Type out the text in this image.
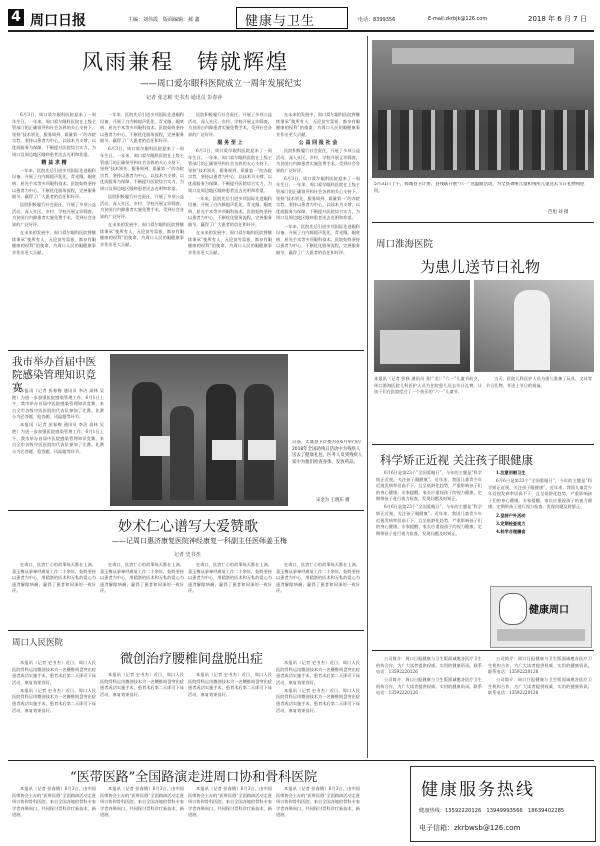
4 周口日报	主编：刘伟霞　版面编辑：郝 鑫	健康与卫生	电话：8399356	E-mail:zkrbjk@126.com	2018 年 6 月 7 日
风雨兼程　铸就辉煌
——周口爱尔眼科医院成立一周年发展纪实
记者 张志彬 史书杰 通讯员 彭春萍

6月3日，周口爱尔眼科医院迎来了一周年生日。一年来，周口爱尔眼科医院在上级主管部门的正确领导和社会各界的关心支持下，坚持“技术领先、服务周到、质量第一”的办院宗旨，坚持以患者为中心，以技术为支撑，以优质服务为保障，不断提升医院综合实力，为周口及周边地区眼病患者送去光明和希望。

精 益 求 精

一年来，医院先后引进多项国际先进眼科设备，开展了白内障超声乳化、青光眼、眼底病、屈光手术等多项眼科技术。医院始终坚持以患者为中心，不断优化服务流程，完善服务细节，赢得了广大患者的信任和好评。

医院积极履行社会责任，开展了多项公益活动，深入社区、乡村、学校开展义诊筛查，为贫困白内障患者实施免费手术，受到社会各界的广泛好评。

在未来的发展中，周口爱尔眼科医院将继续秉承“使所有人，无论贫穷富裕，都享有眼健康的权利”的使命，为周口人民的眼健康事业作出更大贡献。

一年来，医院先后引进多项国际先进眼科设备，开展了白内障超声乳化、青光眼、眼底病、屈光手术等多项眼科技术。医院始终坚持以患者为中心，不断优化服务流程，完善服务细节，赢得了广大患者的信任和好评。

6月3日，周口爱尔眼科医院迎来了一周年生日。一年来，周口爱尔眼科医院在上级主管部门的正确领导和社会各界的关心支持下，坚持“技术领先、服务周到、质量第一”的办院宗旨，坚持以患者为中心，以技术为支撑，以优质服务为保障，不断提升医院综合实力，为周口及周边地区眼病患者送去光明和希望。

医院积极履行社会责任，开展了多项公益活动，深入社区、乡村、学校开展义诊筛查，为贫困白内障患者实施免费手术，受到社会各界的广泛好评。

在未来的发展中，周口爱尔眼科医院将继续秉承“使所有人，无论贫穷富裕，都享有眼健康的权利”的使命，为周口人民的眼健康事业作出更大贡献。

医院积极履行社会责任，开展了多项公益活动，深入社区、乡村、学校开展义诊筛查，为贫困白内障患者实施免费手术，受到社会各界的广泛好评。

服 务 至 上

6月3日，周口爱尔眼科医院迎来了一周年生日。一年来，周口爱尔眼科医院在上级主管部门的正确领导和社会各界的关心支持下，坚持“技术领先、服务周到、质量第一”的办院宗旨，坚持以患者为中心，以技术为支撑，以优质服务为保障，不断提升医院综合实力，为周口及周边地区眼病患者送去光明和希望。

一年来，医院先后引进多项国际先进眼科设备，开展了白内障超声乳化、青光眼、眼底病、屈光手术等多项眼科技术。医院始终坚持以患者为中心，不断优化服务流程，完善服务细节，赢得了广大患者的信任和好评。

在未来的发展中，周口爱尔眼科医院将继续秉承“使所有人，无论贫穷富裕，都享有眼健康的权利”的使命，为周口人民的眼健康事业作出更大贡献。

在未来的发展中，周口爱尔眼科医院将继续秉承“使所有人，无论贫穷富裕，都享有眼健康的权利”的使命，为周口人民的眼健康事业作出更大贡献。

公 益 回 报 社 会

医院积极履行社会责任，开展了多项公益活动，深入社区、乡村、学校开展义诊筛查，为贫困白内障患者实施免费手术，受到社会各界的广泛好评。

6月3日，周口爱尔眼科医院迎来了一周年生日。一年来，周口爱尔眼科医院在上级主管部门的正确领导和社会各界的关心支持下，坚持“技术领先、服务周到、质量第一”的办院宗旨，坚持以患者为中心，以技术为支撑，以优质服务为保障，不断提升医院综合实力，为周口及周边地区眼病患者送去光明和希望。

一年来，医院先后引进多项国际先进眼科设备，开展了白内障超声乳化、青光眼、眼底病、屈光手术等多项眼科技术。医院始终坚持以患者为中心，不断优化服务流程，完善服务细节，赢得了广大患者的信任和好评。

5月31日上午，郸城县卫计委、县残联开展“六一”送温暖活动，为全县聋哑儿童和残疾儿童送去节日礼物和慰问。
芭旭 刘 摄
周口淮海医院
为患儿送节日礼物

本报讯（记者 彭秋 通讯员 张广龙）“六一”儿童节前夕，周口淮海医院儿科医护人员为住院患儿送去节日礼物，让孩子们在医院度过了一个快乐的“六一”儿童节。

当天，医院儿科医护人员为患儿准备了玩具、文具等节日礼物，并送上节日的祝福。

我市举办首届中医院感染管理知识竞赛

本报讯（记者 彭春梅 通讯员 李洁 高林 吴艳）为进一步加强医院感染管理工作，6月1日上午，我市举办首届中医院感染管理知识竞赛，来自全市各级中医医院的代表队参加了比赛。比赛分为必答题、抢答题、风险题等环节。

本报讯（记者 彭春梅 通讯员 李洁 高林 吴艳）为进一步加强医院感染管理工作，6月1日上午，我市举办首届中医院感染管理知识竞赛，来自全市各级中医医院的代表队参加了比赛。比赛分为必答题、抢答题、风险题等环节。

日前，太康县卫计委为在6月举行的2018年全国助残日活动中为残疾人送去了健康礼包，医务人员到残疾人家中为他们检查身体，发放药品。
宋金为 王晓东 摄
妙术仁心谱写大爱赞歌
——记周口惠济康复医院神经康复一科副主任医师姜玉梅
记者 史书杰

在周口，医者仁心的故事每天都在上演。姜玉梅从事神经康复工作二十余年，始终坚持以患者为中心，用精湛的医术和无私的爱心为患者解除病痛，赢得了患者和同事的一致好评。

在周口，医者仁心的故事每天都在上演。姜玉梅从事神经康复工作二十余年，始终坚持以患者为中心，用精湛的医术和无私的爱心为患者解除病痛，赢得了患者和同事的一致好评。

在周口，医者仁心的故事每天都在上演。姜玉梅从事神经康复工作二十余年，始终坚持以患者为中心，用精湛的医术和无私的爱心为患者解除病痛，赢得了患者和同事的一致好评。

在周口，医者仁心的故事每天都在上演。姜玉梅从事神经康复工作二十余年，始终坚持以患者为中心，用精湛的医术和无私的爱心为患者解除病痛，赢得了患者和同事的一致好评。

周口人民医院
微创治疗腰椎间盘脱出症

本报讯（记者 史书杰）近日，周口人民医院骨科运用微创技术为一名腰椎间盘突出症患者成功实施手术，患者术后第二天即可下床活动，康复效果良好。

本报讯（记者 史书杰）近日，周口人民医院骨科运用微创技术为一名腰椎间盘突出症患者成功实施手术，患者术后第二天即可下床活动，康复效果良好。

本报讯（记者 史书杰）近日，周口人民医院骨科运用微创技术为一名腰椎间盘突出症患者成功实施手术，患者术后第二天即可下床活动，康复效果良好。

本报讯（记者 史书杰）近日，周口人民医院骨科运用微创技术为一名腰椎间盘突出症患者成功实施手术，患者术后第二天即可下床活动，康复效果良好。

本报讯（记者 史书杰）近日，周口人民医院骨科运用微创技术为一名腰椎间盘突出症患者成功实施手术，患者术后第二天即可下床活动，康复效果良好。

本报讯（记者 史书杰）近日，周口人民医院骨科运用微创技术为一名腰椎间盘突出症患者成功实施手术，患者术后第二天即可下床活动，康复效果良好。

“医带医路”全国路演走进周口协和骨科医院

本报讯（记者 彭春梅）6月3日，由中国医师协会主办的“医带医路”全国路演活动走进周口协和骨科医院，来自全国各地的骨科专家学者齐聚周口，共同探讨骨科诊疗新技术、新进展。

本报讯（记者 彭春梅）6月3日，由中国医师协会主办的“医带医路”全国路演活动走进周口协和骨科医院，来自全国各地的骨科专家学者齐聚周口，共同探讨骨科诊疗新技术、新进展。

本报讯（记者 彭春梅）6月3日，由中国医师协会主办的“医带医路”全国路演活动走进周口协和骨科医院，来自全国各地的骨科专家学者齐聚周口，共同探讨骨科诊疗新技术、新进展。

本报讯（记者 彭春梅）6月3日，由中国医师协会主办的“医带医路”全国路演活动走进周口协和骨科医院，来自全国各地的骨科专家学者齐聚周口，共同探讨骨科诊疗新技术、新进展。

科学矫正近视 关注孩子眼健康

6月6日是第23个“全国爱眼日”，今年的主题是“科学矫正近视，关注孩子眼健康”。近年来，我国儿童青少年近视发病率居高不下，且呈低龄化趋势，严重影响孩子们的身心健康。专家提醒，家长应重视孩子的视力健康，定期带孩子进行视力检查，发现问题及时矫正。

6月6日是第23个“全国爱眼日”，今年的主题是“科学矫正近视，关注孩子眼健康”。近年来，我国儿童青少年近视发病率居高不下，且呈低龄化趋势，严重影响孩子们的身心健康。专家提醒，家长应重视孩子的视力健康，定期带孩子进行视力检查，发现问题及时矫正。

1.注意用眼卫生

6月6日是第23个“全国爱眼日”，今年的主题是“科学矫正近视，关注孩子眼健康”。近年来，我国儿童青少年近视发病率居高不下，且呈低龄化趋势，严重影响孩子们的身心健康。专家提醒，家长应重视孩子的视力健康，定期带孩子进行视力检查，发现问题及时矫正。

2.坚持户外活动

3.定期检查视力

4.科学合理膳食

健康周口

公司简介：周口日报健康与卫生版面诚邀各医疗卫生机构合作，为广大读者提供权威、实用的健康资讯。联系电话：13592220126

公司简介：周口日报健康与卫生版面诚邀各医疗卫生机构合作，为广大读者提供权威、实用的健康资讯。联系电话：13592220126

公司简介：周口日报健康与卫生版面诚邀各医疗卫生机构合作，为广大读者提供权威、实用的健康资讯。联系电话：13592220126

公司简介：周口日报健康与卫生版面诚邀各医疗卫生机构合作，为广大读者提供权威、实用的健康资讯。联系电话：13592220126

健康服务热线
健康热线：13592220126　13949993566　18639402285
电子信箱：zkrbwsb@126.com
